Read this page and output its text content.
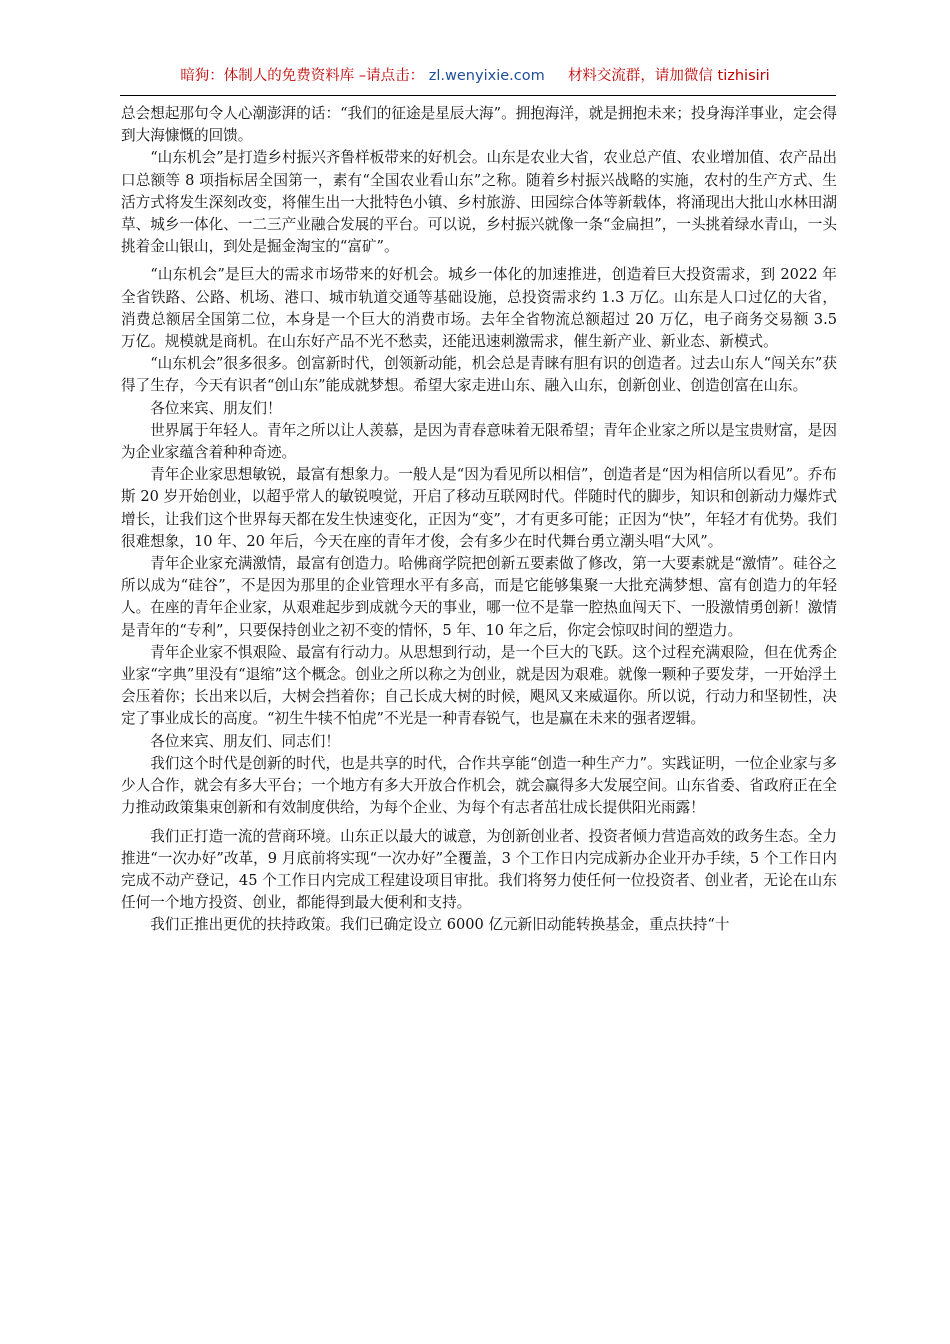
暗狗：体制人的免费资料库 –请点击： zl.wenyixie.com 材料交流群，请加微信 tizhisiri

总会想起那句令人心潮澎湃的话：“我们的征途是星辰大海”。拥抱海洋，就是拥抱未来；投身海洋事业，定会得到大海慷慨的回馈。

“山东机会”是打造乡村振兴齐鲁样板带来的好机会。山东是农业大省，农业总产值、农业增加值、农产品出口总额等 8 项指标居全国第一，素有“全国农业看山东”之称。随着乡村振兴战略的实施，农村的生产方式、生活方式将发生深刻改变，将催生出一大批特色小镇、乡村旅游、田园综合体等新载体，将涌现出大批山水林田湖草、城乡一体化、一二三产业融合发展的平台。可以说，乡村振兴就像一条“金扁担”，一头挑着绿水青山，一头挑着金山银山，到处是掘金淘宝的“富矿”。

“山东机会”是巨大的需求市场带来的好机会。城乡一体化的加速推进，创造着巨大投资需求，到 2022 年全省铁路、公路、机场、港口、城市轨道交通等基础设施，总投资需求约 1.3 万亿。山东是人口过亿的大省，消费总额居全国第二位，本身是一个巨大的消费市场。去年全省物流总额超过 20 万亿，电子商务交易额 3.5 万亿。规模就是商机。在山东好产品不光不愁卖，还能迅速刺激需求，催生新产业、新业态、新模式。

“山东机会”很多很多。创富新时代，创领新动能，机会总是青睐有胆有识的创造者。过去山东人“闯关东”获得了生存，今天有识者“创山东”能成就梦想。希望大家走进山东、融入山东，创新创业、创造创富在山东。

各位来宾、朋友们！

世界属于年轻人。青年之所以让人羡慕，是因为青春意味着无限希望；青年企业家之所以是宝贵财富，是因为企业家蕴含着种种奇迹。

青年企业家思想敏锐，最富有想象力。一般人是“因为看见所以相信”，创造者是“因为相信所以看见”。乔布斯 20 岁开始创业，以超乎常人的敏锐嗅觉，开启了移动互联网时代。伴随时代的脚步，知识和创新动力爆炸式增长，让我们这个世界每天都在发生快速变化，正因为“变”，才有更多可能；正因为“快”，年轻才有优势。我们很难想象，10 年、20 年后，今天在座的青年才俊，会有多少在时代舞台勇立潮头唱“大风”。

青年企业家充满激情，最富有创造力。哈佛商学院把创新五要素做了修改，第一大要素就是“激情”。硅谷之所以成为“硅谷”，不是因为那里的企业管理水平有多高，而是它能够集聚一大批充满梦想、富有创造力的年轻人。在座的青年企业家，从艰难起步到成就今天的事业，哪一位不是靠一腔热血闯天下、一股激情勇创新！激情是青年的“专利”，只要保持创业之初不变的情怀，5 年、10 年之后，你定会惊叹时间的塑造力。

青年企业家不惧艰险、最富有行动力。从思想到行动，是一个巨大的飞跃。这个过程充满艰险，但在优秀企业家“字典”里没有“退缩”这个概念。创业之所以称之为创业，就是因为艰难。就像一颗种子要发芽，一开始浮土会压着你；长出来以后，大树会挡着你；自己长成大树的时候，飓风又来威逼你。所以说，行动力和坚韧性，决定了事业成长的高度。“初生牛犊不怕虎”不光是一种青春锐气，也是赢在未来的强者逻辑。

各位来宾、朋友们、同志们！

我们这个时代是创新的时代，也是共享的时代，合作共享能“创造一种生产力”。实践证明，一位企业家与多少人合作，就会有多大平台；一个地方有多大开放合作机会，就会赢得多大发展空间。山东省委、省政府正在全力推动政策集束创新和有效制度供给，为每个企业、为每个有志者茁壮成长提供阳光雨露！

我们正打造一流的营商环境。山东正以最大的诚意，为创新创业者、投资者倾力营造高效的政务生态。全力推进“一次办好”改革，9 月底前将实现“一次办好”全覆盖，3 个工作日内完成新办企业开办手续，5 个工作日内完成不动产登记，45 个工作日内完成工程建设项目审批。我们将努力使任何一位投资者、创业者，无论在山东任何一个地方投资、创业，都能得到最大便利和支持。

我们正推出更优的扶持政策。我们已确定设立 6000 亿元新旧动能转换基金，重点扶持“十
